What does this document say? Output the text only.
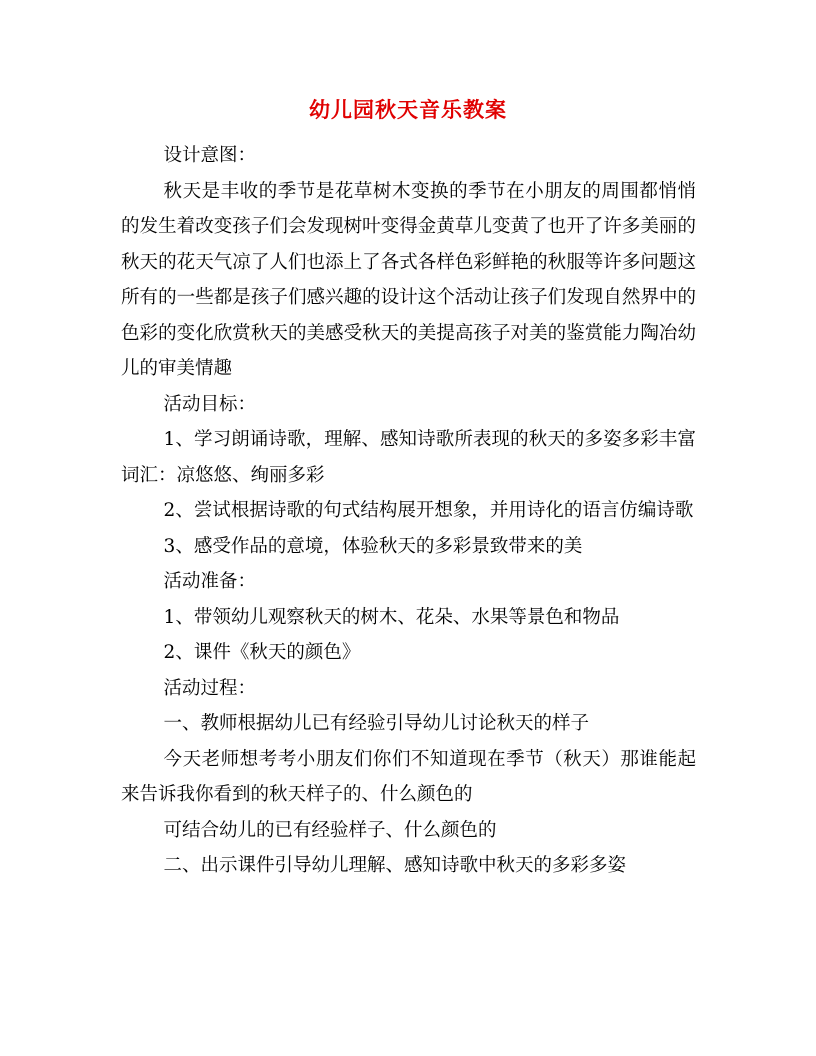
幼儿园秋天音乐教案

设计意图：

秋天是丰收的季节是花草树木变换的季节在小朋友的周围都悄悄的发生着改变孩子们会发现树叶变得金黄草儿变黄了也开了许多美丽的秋天的花天气凉了人们也添上了各式各样色彩鲜艳的秋服等许多问题这所有的一些都是孩子们感兴趣的设计这个活动让孩子们发现自然界中的色彩的变化欣赏秋天的美感受秋天的美提高孩子对美的鉴赏能力陶冶幼儿的审美情趣

活动目标：

1、学习朗诵诗歌，理解、感知诗歌所表现的秋天的多姿多彩丰富词汇：凉悠悠、绚丽多彩

2、尝试根据诗歌的句式结构展开想象，并用诗化的语言仿编诗歌

3、感受作品的意境，体验秋天的多彩景致带来的美

活动准备：

1、带领幼儿观察秋天的树木、花朵、水果等景色和物品

2、课件《秋天的颜色》

活动过程：

一、教师根据幼儿已有经验引导幼儿讨论秋天的样子

今天老师想考考小朋友们你们不知道现在季节（秋天）那谁能起来告诉我你看到的秋天样子的、什么颜色的

可结合幼儿的已有经验样子、什么颜色的

二、出示课件引导幼儿理解、感知诗歌中秋天的多彩多姿
